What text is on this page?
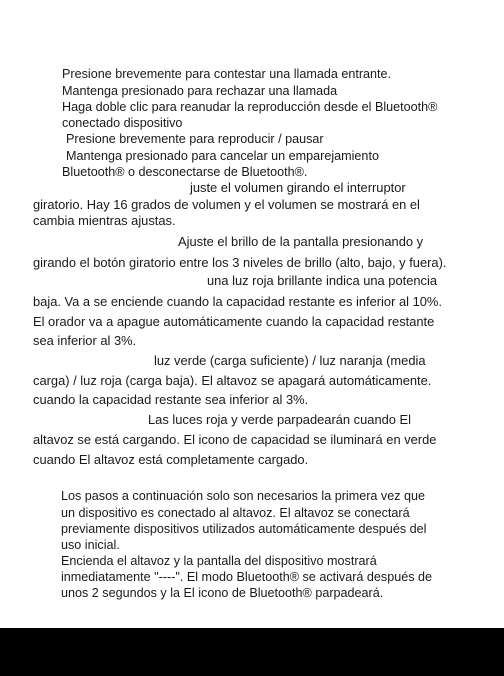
Presione brevemente para contestar una llamada entrante.
Mantenga presionado para rechazar una llamada
Haga doble clic para reanudar la reproducción desde el Bluetooth®
conectado dispositivo
Presione brevemente para reproducir / pausar
Mantenga presionado para cancelar un emparejamiento
Bluetooth® o desconectarse de Bluetooth®.
juste el volumen girando el interruptor
giratorio. Hay 16 grados de volumen y el volumen se mostrará en el
cambia mientras ajustas.
Ajuste el brillo de la pantalla presionando y
girando el botón giratorio entre los 3 niveles de brillo (alto, bajo, y fuera).
una luz roja brillante indica una potencia
baja. Va a se enciende cuando la capacidad restante es inferior al 10%.
El orador va a apague automáticamente cuando la capacidad restante
sea inferior al 3%.
luz verde (carga suficiente) / luz naranja (media
carga) / luz roja (carga baja). El altavoz se apagará automáticamente.
cuando la capacidad restante sea inferior al 3%.
Las luces roja y verde parpadearán cuando El
altavoz se está cargando. El icono de capacidad se iluminará en verde
cuando El altavoz está completamente cargado.
Los pasos a continuación solo son necesarios la primera vez que
un dispositivo es conectado al altavoz. El altavoz se conectará
previamente dispositivos utilizados automáticamente después del
uso inicial.
Encienda el altavoz y la pantalla del dispositivo mostrará
inmediatamente "----". El modo Bluetooth® se activará después de
unos 2 segundos y la El icono de Bluetooth® parpadeará.
